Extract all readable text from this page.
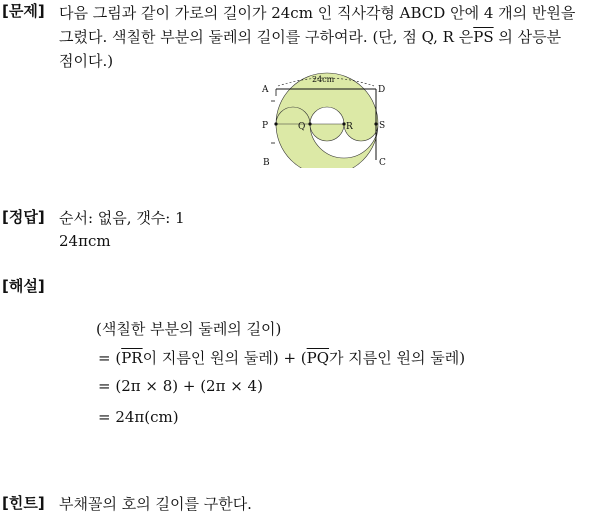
[문제] 다음 그림과 같이 가로의 길이가 24cm 인 직사각형 ABCD 안에 4 개의 반원을
그렸다. 색칠한 부분의 둘레의 길이를 구하여라. (단, 점 Q, R 은$\overline{PS}$ 의 삼등분
점이다.)
24cm
A	D
P	Q	R	S
B	C
[정답] 순서: 없음, 갯수: 1
24πcm
[해설]
(색칠한 부분의 둘레의 길이)
= ($\overline{PR}$이 지름인 원의 둘레) + ($\overline{PQ}$가 지름인 원의 둘레)
= (2π × 8) + (2π × 4)
= 24π(cm)
[힌트] 부채꼴의 호의 길이를 구한다.
